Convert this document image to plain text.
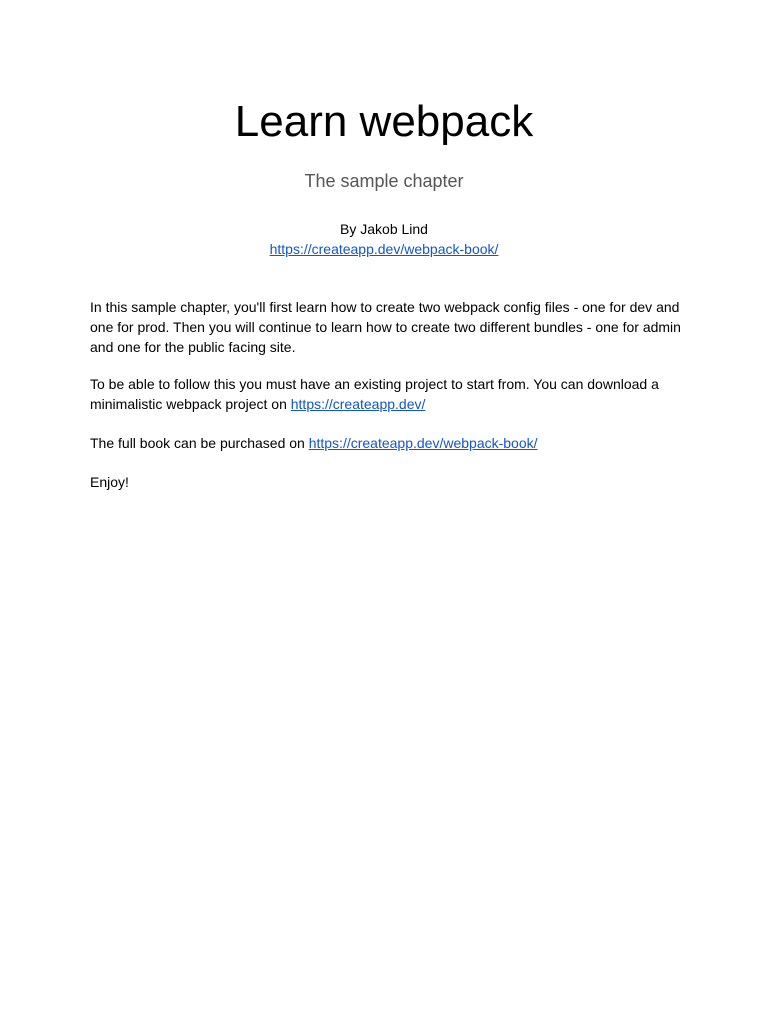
Learn webpack
The sample chapter
By Jakob Lind
https://createapp.dev/webpack-book/

In this sample chapter, you'll first learn how to create two webpack config files - one for dev and one for prod. Then you will continue to learn how to create two different bundles - one for admin and one for the public facing site.

To be able to follow this you must have an existing project to start from. You can download a minimalistic webpack project on https://createapp.dev/

The full book can be purchased on https://createapp.dev/webpack-book/

Enjoy!
